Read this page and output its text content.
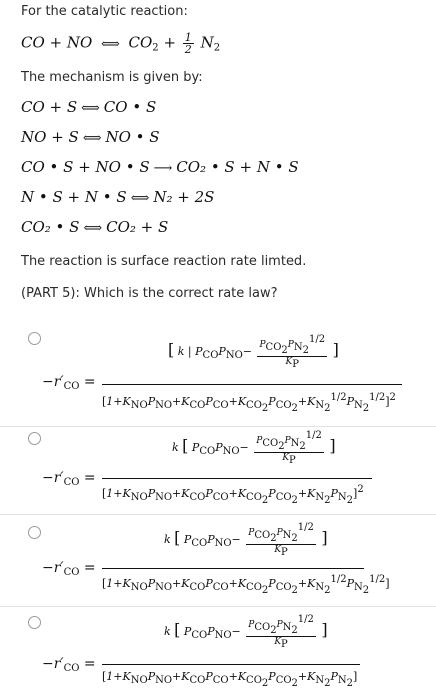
For the catalytic reaction:
CO + NO ⟺ $CO_2 + \frac{1}{2} N_2$
The mechanism is given by:
CO + S ⟺ CO • S
NO + S ⟺ NO • S
CO • S + NO • S ⟶ CO₂ • S + N • S
N • S + N • S ⟺ N₂ + 2S
CO₂ • S ⟺ CO₂ + S
The reaction is surface reaction rate limted.
(PART 5): Which is the correct rate law?
[ k | $P_{CO}P_{NO}- \frac{P_{CO_2}P_{N_2}^{1/2}}{K_P}$ ]
$-r'_{CO}$ =
$[1+K_{NO}P_{NO}+K_{CO}P_{CO}+K_{CO_2}P_{CO_2}+K_{N_2}^{1/2}P_{N_2}^{1/2}]^2$
k [ $P_{CO}P_{NO}- \frac{P_{CO_2}P_{N_2}^{1/2}}{K_P}$ ]
$-r'_{CO}$ =
$[1+K_{NO}P_{NO}+K_{CO}P_{CO}+K_{CO_2}P_{CO_2}+K_{N_2}P_{N_2}]^2$
k [ $P_{CO}P_{NO}- \frac{P_{CO_2}P_{N_2}^{1/2}}{K_P}$ ]
$-r'_{CO}$ =
$[1+K_{NO}P_{NO}+K_{CO}P_{CO}+K_{CO_2}P_{CO_2}+K_{N_2}^{1/2}P_{N_2}^{1/2}]$
k [ $P_{CO}P_{NO}- \frac{P_{CO_2}P_{N_2}^{1/2}}{K_P}$ ]
$-r'_{CO}$ =
$[1+K_{NO}P_{NO}+K_{CO}P_{CO}+K_{CO_2}P_{CO_2}+K_{N_2}P_{N_2}]$
